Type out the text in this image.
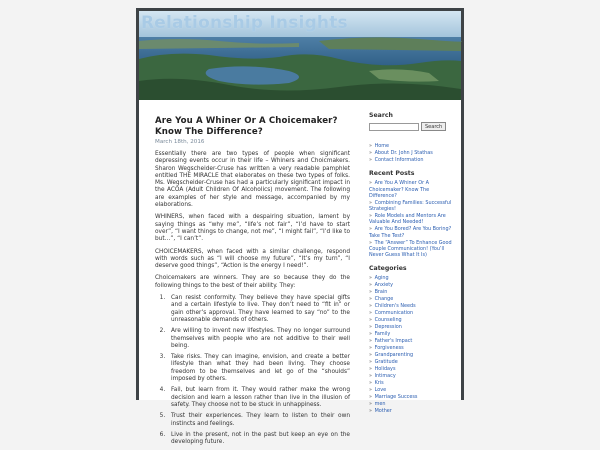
Relationship Insights
Are You A Whiner Or A Choicemaker? Know The Difference?
March 18th, 2016

Essentially there are two types of people when significant depressing events occur in their life – Whiners and Choicmakers. Sharon Wegscheider-Cruse has written a very readable pamphlet entitled THE MIRACLE that elaborates on these two types of folks. Ms. Wegscheider-Cruse has had a particularly significant impact in the ACOA (Adult Children Of Alcoholics) movement. The following are examples of her style and message, accompanied by my elaborations.

WHINERS, when faced with a despairing situation, lament by saying things as “why me”, “life’s not fair”, “I’d have to start over”, “I want things to change, not me”, “I might fail”, “I’d like to but…”, “I can’t”.

CHOICEMAKERS, when faced with a similar challenge, respond with words such as “I will choose my future”, “It’s my turn”, “I deserve good things”, “Action is the energy I need!”.

Choicemakers are winners. They are so because they do the following things to the best of their ability. They:

1. Can resist conformity. They believe they have special gifts and a certain lifestyle to live. They don’t need to “fit in” or gain other’s approval. They have learned to say “no” to the unreasonable demands of others.
2. Are willing to invent new lifestyles. They no longer surround themselves with people who are not additive to their well being.
3. Take risks. They can imagine, envision, and create a better lifestyle than what they had been living. They choose freedom to be themselves and let go of the “shoulds” imposed by others.
4. Fail, but learn from it. They would rather make the wrong decision and learn a lesson rather than live in the illusion of safety. They choose not to be stuck in unhappiness.
5. Trust their experiences. They learn to listen to their own instincts and feelings.
6. Live in the present, not in the past but keep an eye on the developing future.
Search
Search
» Home
» About Dr. John J Stathas
» Contact Information
Recent Posts
» Are You A Whiner Or A Choicemaker? Know The Difference?
» Combining Families: Successful Strategies!
» Role Models and Mentors Are Valuable And Needed!
» Are You Bored? Are You Boring? Take The Test?
» The “Answer” To Enhance Good Couple Communication! (You’ll Never Guess What It Is)
Categories
» Aging
» Anxiety
» Brain
» Change
» Children's Needs
» Communication
» Counseling
» Depression
» Family
» Father's Impact
» Forgiveness
» Grandparenting
» Gratitude
» Holidays
» Intimacy
» Kris
» Love
» Marriage Success
» men
» Mother
